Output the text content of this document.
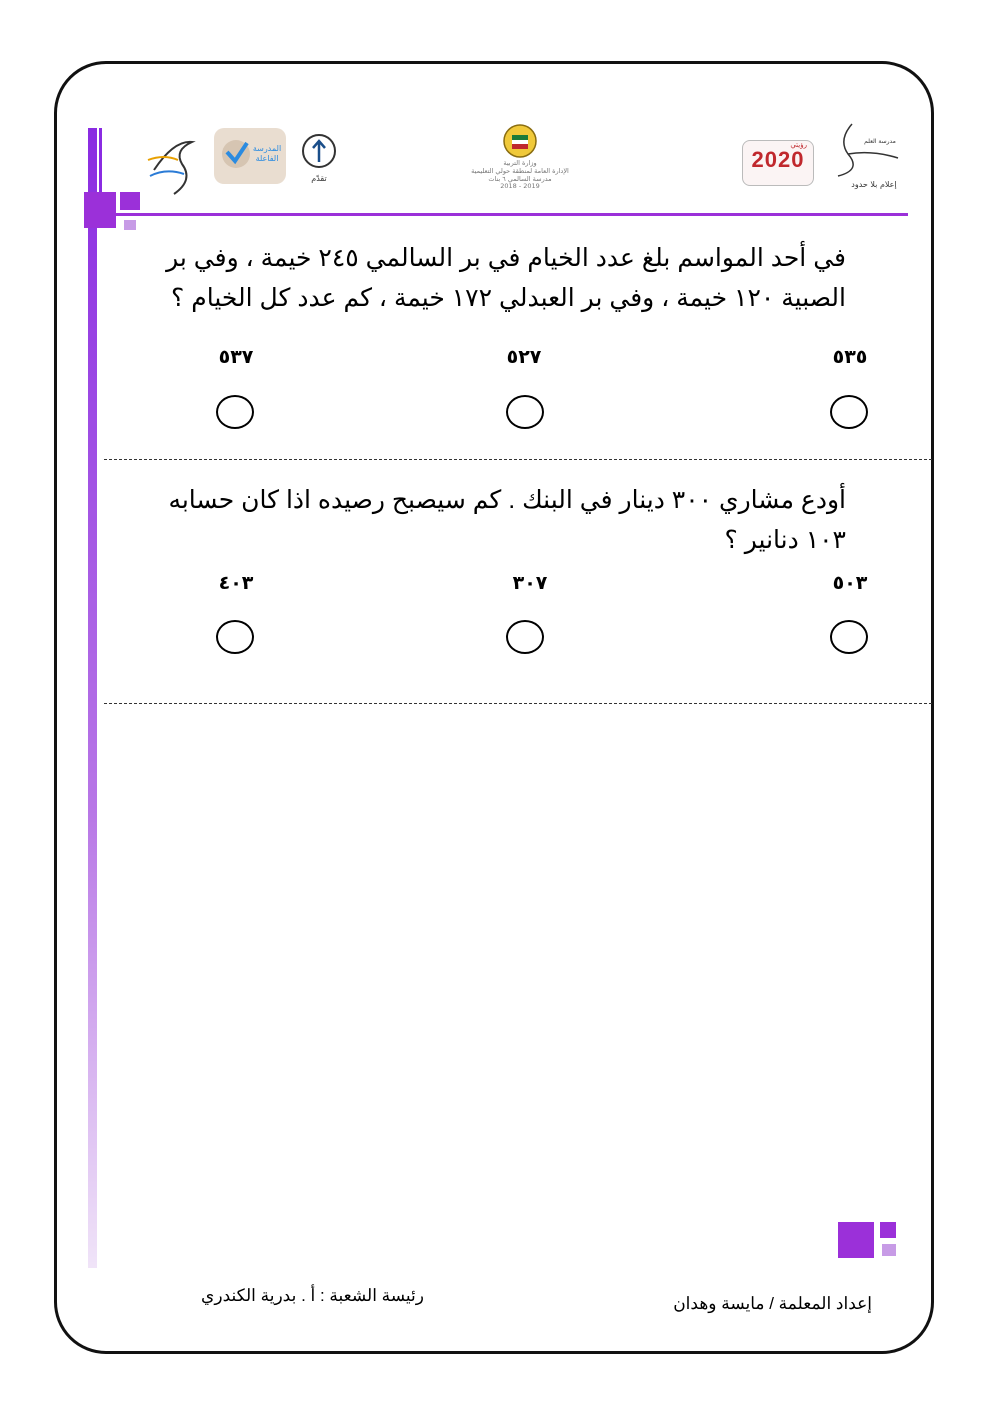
المدرسة
الفاعلة
تقدّم
وزارة التربية
الإدارة العامة لمنطقة حولي التعليمية
مدرسة السالمي ٦ بنات
2018 - 2019
رؤيتي
2020
مدرسة العلم
إعلام بلا حدود
في أحد المواسم بلغ عدد الخيام في بر السالمي ٢٤٥ خيمة ، وفي بر
الصبية ١٢٠ خيمة ، وفي بر العبدلي ١٧٢ خيمة ، كم عدد كل الخيام ؟
٥٣٥
٥٢٧
٥٣٧
أودع مشاري ٣٠٠ دينار في البنك . كم سيصبح رصيده اذا كان حسابه
١٠٣ دنانير ؟
٥٠٣
٣٠٧
٤٠٣
إعداد المعلمة / مايسة وهدان
رئيسة الشعبة : أ . بدرية الكندري
